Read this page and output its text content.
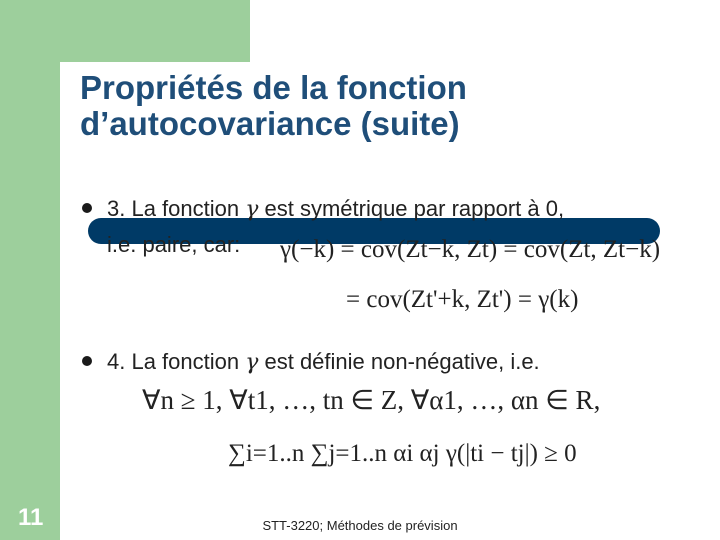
Propriétés de la fonction
d’autocovariance (suite)
3. La fonction γ est symétrique par rapport à 0,
i.e. paire, car: γ(−k) = cov(Zt−k, Zt) = cov(Zt, Zt−k)
= cov(Zt'+k, Zt') = γ(k)
4. La fonction γ est définie non-négative, i.e.
∀n ≥ 1, ∀t1, …, tn ∈ Z, ∀α1, …, αn ∈ R,
∑i=1..n ∑j=1..n αi αj γ(|ti − tj|) ≥ 0
11	STT-3220; Méthodes de prévision
